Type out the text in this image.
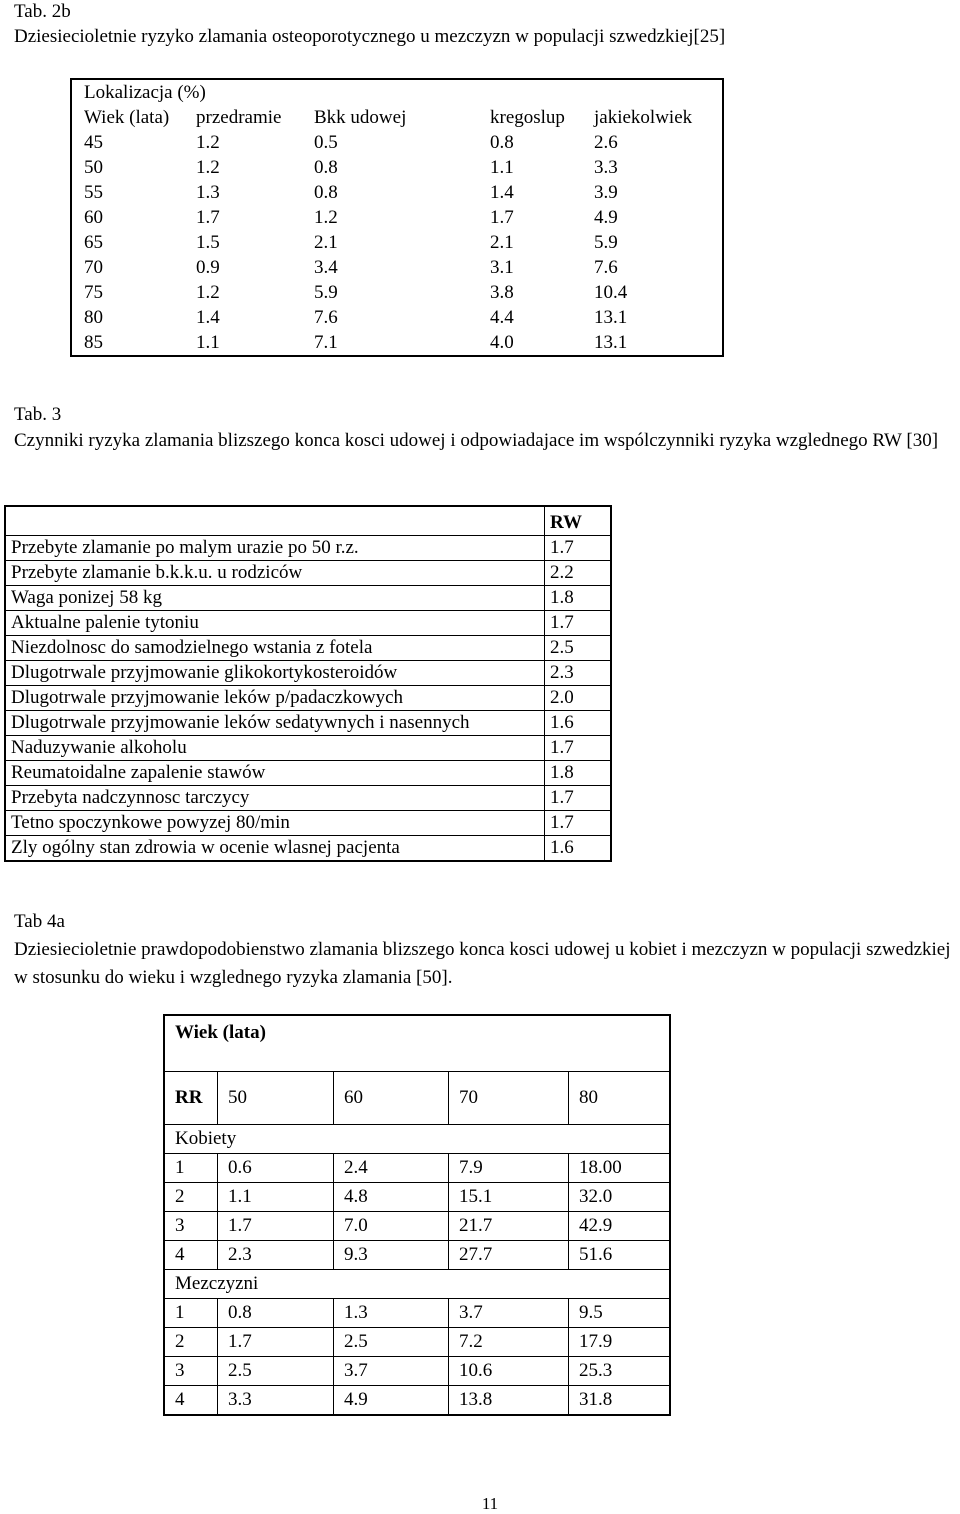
Tab. 2b
Dziesiecioletnie ryzyko zlamania osteoporotycznego u mezczyzn w populacji szwedzkiej[25]
Lokalizacja (%)				
Wiek (lata)	przedramie	Bkk udowej	kregoslup	jakiekolwiek
45	1.2	0.5	0.8	2.6
50	1.2	0.8	1.1	3.3
55	1.3	0.8	1.4	3.9
60	1.7	1.2	1.7	4.9
65	1.5	2.1	2.1	5.9
70	0.9	3.4	3.1	7.6
75	1.2	5.9	3.8	10.4
80	1.4	7.6	4.4	13.1
85	1.1	7.1	4.0	13.1
Tab. 3
Czynniki ryzyka zlamania blizszego konca kosci udowej i odpowiadajace im wspólczynniki ryzyka wzglednego RW [30]
	RW
Przebyte zlamanie po malym urazie po 50 r.z.	1.7
Przebyte zlamanie b.k.k.u. u rodziców	2.2
Waga ponizej 58 kg	1.8
Aktualne palenie tytoniu	1.7
Niezdolnosc do samodzielnego wstania z fotela	2.5
Dlugotrwale przyjmowanie glikokortykosteroidów	2.3
Dlugotrwale przyjmowanie leków p/padaczkowych	2.0
Dlugotrwale przyjmowanie leków sedatywnych i nasennych	1.6
Naduzywanie alkoholu	1.7
Reumatoidalne zapalenie stawów	1.8
Przebyta nadczynnosc tarczycy	1.7
Tetno spoczynkowe powyzej 80/min	1.7
Zly ogólny stan zdrowia w ocenie wlasnej pacjenta	1.6
Tab 4a
Dziesiecioletnie prawdopodobienstwo zlamania blizszego konca kosci udowej u kobiet i mezczyzn w populacji szwedzkiej w stosunku do wieku i wzglednego ryzyka zlamania [50].
Wiek (lata)				
RR	50	60	70	80
Kobiety				
1	0.6	2.4	7.9	18.00
2	1.1	4.8	15.1	32.0
3	1.7	7.0	21.7	42.9
4	2.3	9.3	27.7	51.6
Mezczyzni				
1	0.8	1.3	3.7	9.5
2	1.7	2.5	7.2	17.9
3	2.5	3.7	10.6	25.3
4	3.3	4.9	13.8	31.8
11
